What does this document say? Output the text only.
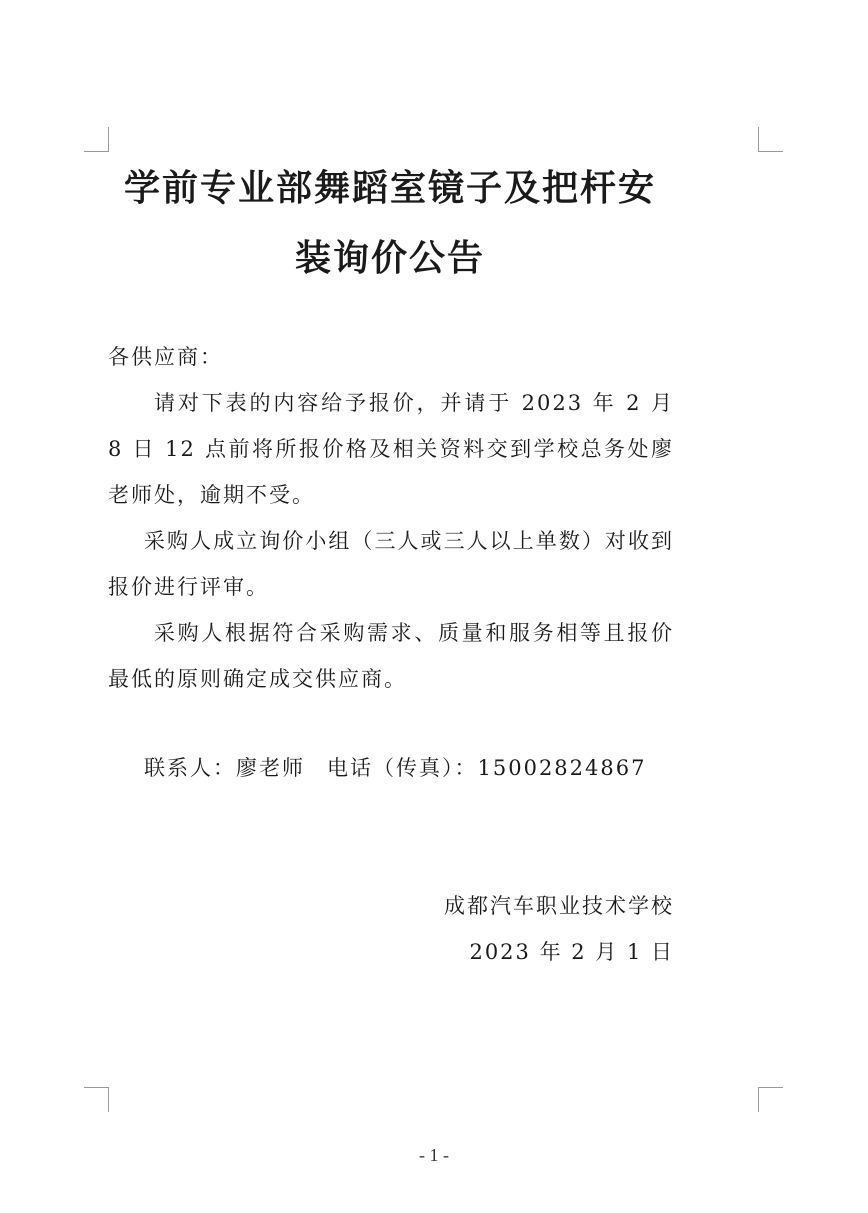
学前专业部舞蹈室镜子及把杆安
装询价公告
各供应商：
请对下表的内容给予报价，并请于 2023 年 2 月 8 日 12 点前将所报价格及相关资料交到学校总务处廖老师处，逾期不受。
采购人成立询价小组（三人或三人以上单数）对收到报价进行评审。
采购人根据符合采购需求、质量和服务相等且报价最低的原则确定成交供应商。
联系人：廖老师 电话（传真）：15002824867
成都汽车职业技术学校
2023 年 2 月 1 日
- 1 -
